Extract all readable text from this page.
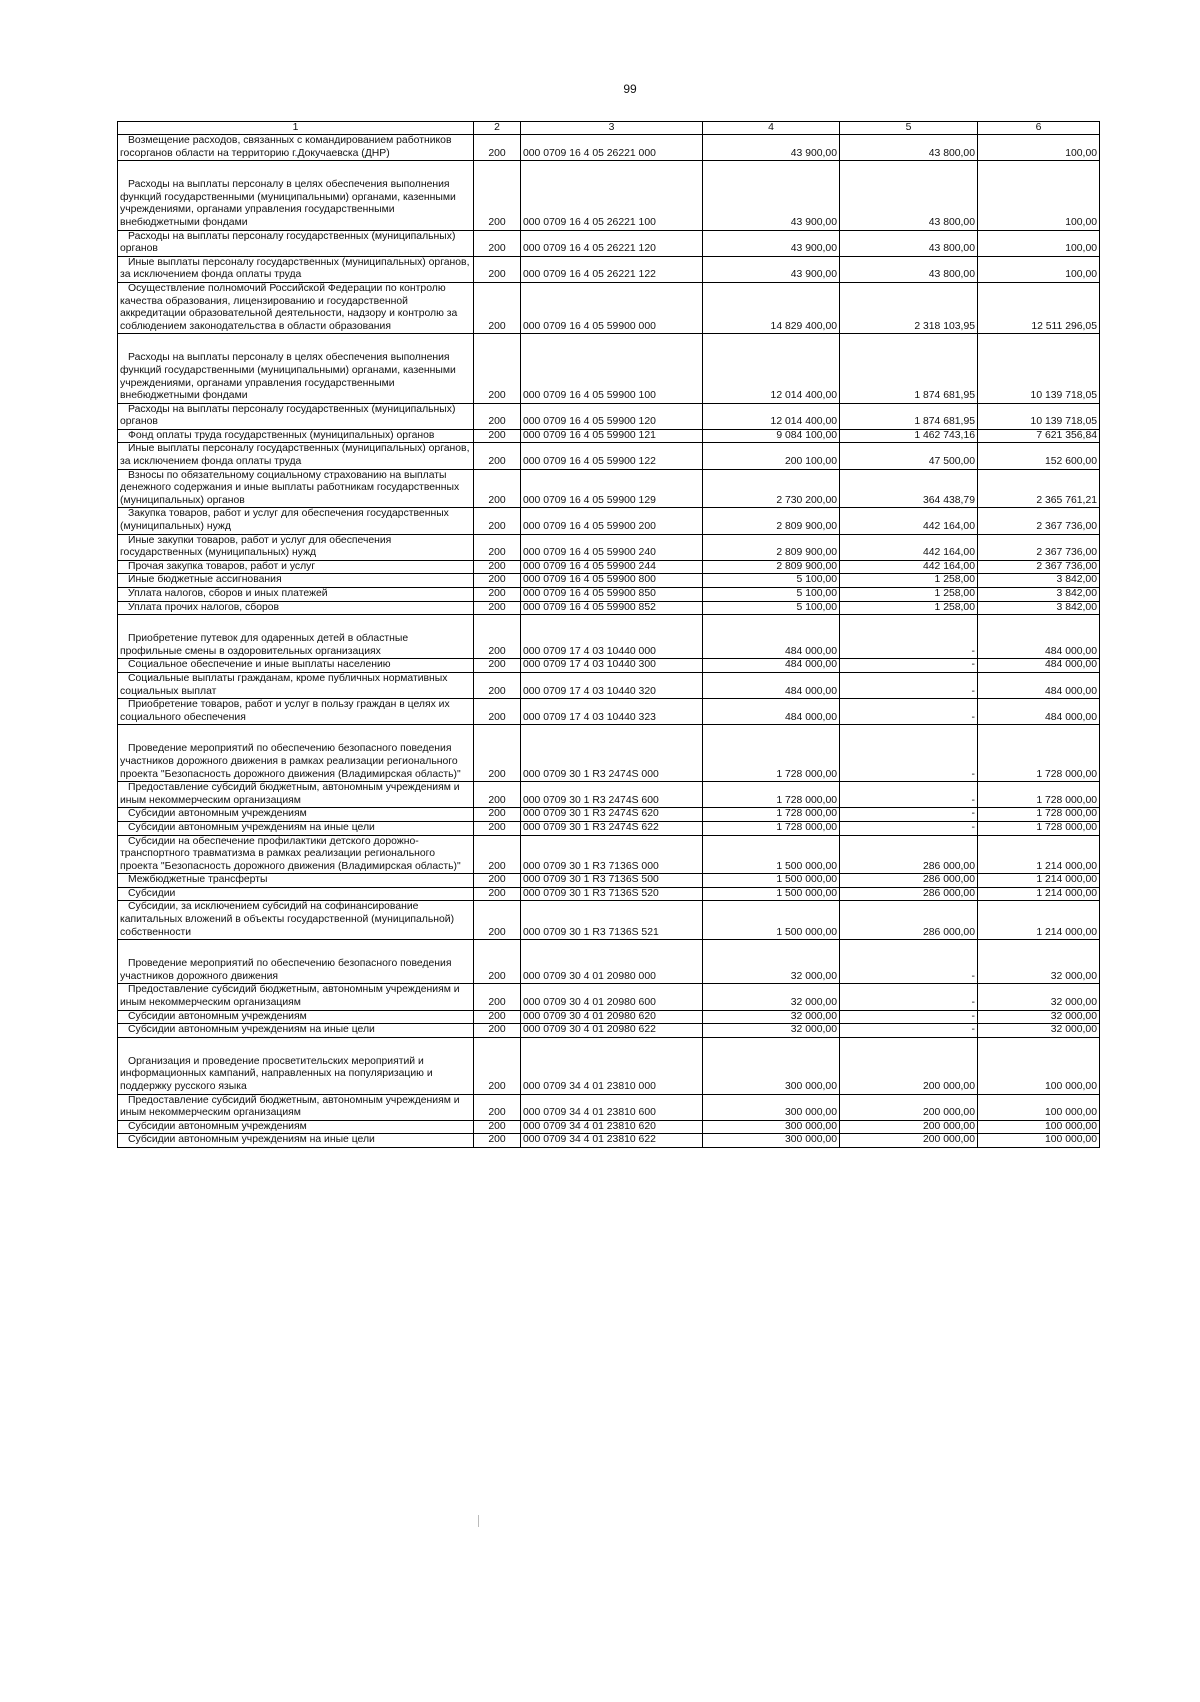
99
1	2	3	4	5	6

Возмещение расходов, связанных с командированием работников госорганов области на территорию г.Докучаевска (ДНР)	200	000 0709 16 4 05 26221 000	43 900,00	43 800,00	100,00

Расходы на выплаты персоналу в целях обеспечения выполнения функций государственными (муниципальными) органами, казенными учреждениями, органами управления государственными внебюджетными фондами	200	000 0709 16 4 05 26221 100	43 900,00	43 800,00	100,00

Расходы на выплаты персоналу государственных (муниципальных) органов	200	000 0709 16 4 05 26221 120	43 900,00	43 800,00	100,00

Иные выплаты персоналу государственных (муниципальных) органов, за исключением фонда оплаты труда	200	000 0709 16 4 05 26221 122	43 900,00	43 800,00	100,00

Осуществление полномочий Российской Федерации по контролю качества образования, лицензированию и государственной аккредитации образовательной деятельности, надзору и контролю за соблюдением законодательства в области образования	200	000 0709 16 4 05 59900 000	14 829 400,00	2 318 103,95	12 511 296,05

Расходы на выплаты персоналу в целях обеспечения выполнения функций государственными (муниципальными) органами, казенными учреждениями, органами управления государственными внебюджетными фондами	200	000 0709 16 4 05 59900 100	12 014 400,00	1 874 681,95	10 139 718,05

Расходы на выплаты персоналу государственных (муниципальных) органов	200	000 0709 16 4 05 59900 120	12 014 400,00	1 874 681,95	10 139 718,05

Фонд оплаты труда государственных (муниципальных) органов	200	000 0709 16 4 05 59900 121	9 084 100,00	1 462 743,16	7 621 356,84

Иные выплаты персоналу государственных (муниципальных) органов, за исключением фонда оплаты труда	200	000 0709 16 4 05 59900 122	200 100,00	47 500,00	152 600,00

Взносы по обязательному социальному страхованию на выплаты денежного содержания и иные выплаты работникам государственных (муниципальных) органов	200	000 0709 16 4 05 59900 129	2 730 200,00	364 438,79	2 365 761,21

Закупка товаров, работ и услуг для обеспечения государственных (муниципальных) нужд	200	000 0709 16 4 05 59900 200	2 809 900,00	442 164,00	2 367 736,00

Иные закупки товаров, работ и услуг для обеспечения государственных (муниципальных) нужд	200	000 0709 16 4 05 59900 240	2 809 900,00	442 164,00	2 367 736,00

Прочая закупка товаров, работ и услуг	200	000 0709 16 4 05 59900 244	2 809 900,00	442 164,00	2 367 736,00

Иные бюджетные ассигнования	200	000 0709 16 4 05 59900 800	5 100,00	1 258,00	3 842,00

Уплата налогов, сборов и иных платежей	200	000 0709 16 4 05 59900 850	5 100,00	1 258,00	3 842,00

Уплата прочих налогов, сборов	200	000 0709 16 4 05 59900 852	5 100,00	1 258,00	3 842,00

Приобретение путевок для одаренных детей в областные профильные смены в оздоровительных организациях	200	000 0709 17 4 03 10440 000	484 000,00	-	484 000,00

Социальное обеспечение и иные выплаты населению	200	000 0709 17 4 03 10440 300	484 000,00	-	484 000,00

Социальные выплаты гражданам, кроме публичных нормативных социальных выплат	200	000 0709 17 4 03 10440 320	484 000,00	-	484 000,00

Приобретение товаров, работ и услуг в пользу граждан в целях их социального обеспечения	200	000 0709 17 4 03 10440 323	484 000,00	-	484 000,00

Проведение мероприятий по обеспечению безопасного поведения участников дорожного движения в рамках реализации регионального проекта "Безопасность дорожного движения (Владимирская область)"	200	000 0709 30 1 R3 2474S 000	1 728 000,00	-	1 728 000,00

Предоставление субсидий бюджетным, автономным учреждениям и иным некоммерческим организациям	200	000 0709 30 1 R3 2474S 600	1 728 000,00	-	1 728 000,00

Субсидии автономным учреждениям	200	000 0709 30 1 R3 2474S 620	1 728 000,00	-	1 728 000,00

Субсидии автономным учреждениям на иные цели	200	000 0709 30 1 R3 2474S 622	1 728 000,00	-	1 728 000,00

Субсидии на обеспечение профилактики детского дорожно-транспортного травматизма в рамках реализации регионального проекта "Безопасность дорожного движения (Владимирская область)"	200	000 0709 30 1 R3 7136S 000	1 500 000,00	286 000,00	1 214 000,00

Межбюджетные трансферты	200	000 0709 30 1 R3 7136S 500	1 500 000,00	286 000,00	1 214 000,00

Субсидии	200	000 0709 30 1 R3 7136S 520	1 500 000,00	286 000,00	1 214 000,00

Субсидии, за исключением субсидий на софинансирование капитальных вложений в объекты государственной (муниципальной) собственности	200	000 0709 30 1 R3 7136S 521	1 500 000,00	286 000,00	1 214 000,00

Проведение мероприятий по обеспечению безопасного поведения участников дорожного движения	200	000 0709 30 4 01 20980 000	32 000,00	-	32 000,00

Предоставление субсидий бюджетным, автономным учреждениям и иным некоммерческим организациям	200	000 0709 30 4 01 20980 600	32 000,00	-	32 000,00

Субсидии автономным учреждениям	200	000 0709 30 4 01 20980 620	32 000,00	-	32 000,00

Субсидии автономным учреждениям на иные цели	200	000 0709 30 4 01 20980 622	32 000,00	-	32 000,00

Организация и проведение просветительских мероприятий и информационных кампаний, направленных на популяризацию и поддержку русского языка	200	000 0709 34 4 01 23810 000	300 000,00	200 000,00	100 000,00

Предоставление субсидий бюджетным, автономным учреждениям и иным некоммерческим организациям	200	000 0709 34 4 01 23810 600	300 000,00	200 000,00	100 000,00

Субсидии автономным учреждениям	200	000 0709 34 4 01 23810 620	300 000,00	200 000,00	100 000,00

Субсидии автономным учреждениям на иные цели	200	000 0709 34 4 01 23810 622	300 000,00	200 000,00	100 000,00
